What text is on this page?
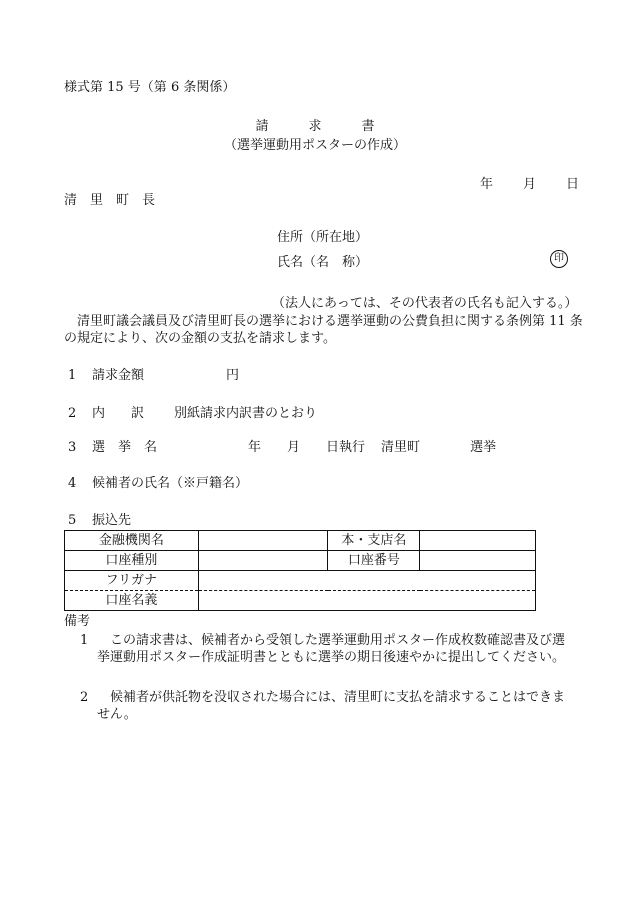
様式第 15 号（第 6 条関係）
請	求	書
（選挙運動用ポスターの作成）
年 月 日
清 里 町 長
住所（所在地）
氏名（名　称）	印
（法人にあっては、その代表者の氏名も記入する。）
清里町議会議員及び清里町長の選挙における選挙運動の公費負担に関する条例第 11 条の規定により、次の金額の支払を請求します。
1 請求金額	円
2 内　　訳 別紙請求内訳書のとおり
3 選　挙　名	年 月 日執行 清里町	選挙
4 候補者の氏名（※戸籍名）
5 振込先
金融機関名		本・支店名	
口座種別		口座番号	
フリガナ			
口座名義			
備考
1 この請求書は、候補者から受領した選挙運動用ポスター作成枚数確認書及び選挙運動用ポスター作成証明書とともに選挙の期日後速やかに提出してください。
2 候補者が供託物を没収された場合には、清里町に支払を請求することはできません。
